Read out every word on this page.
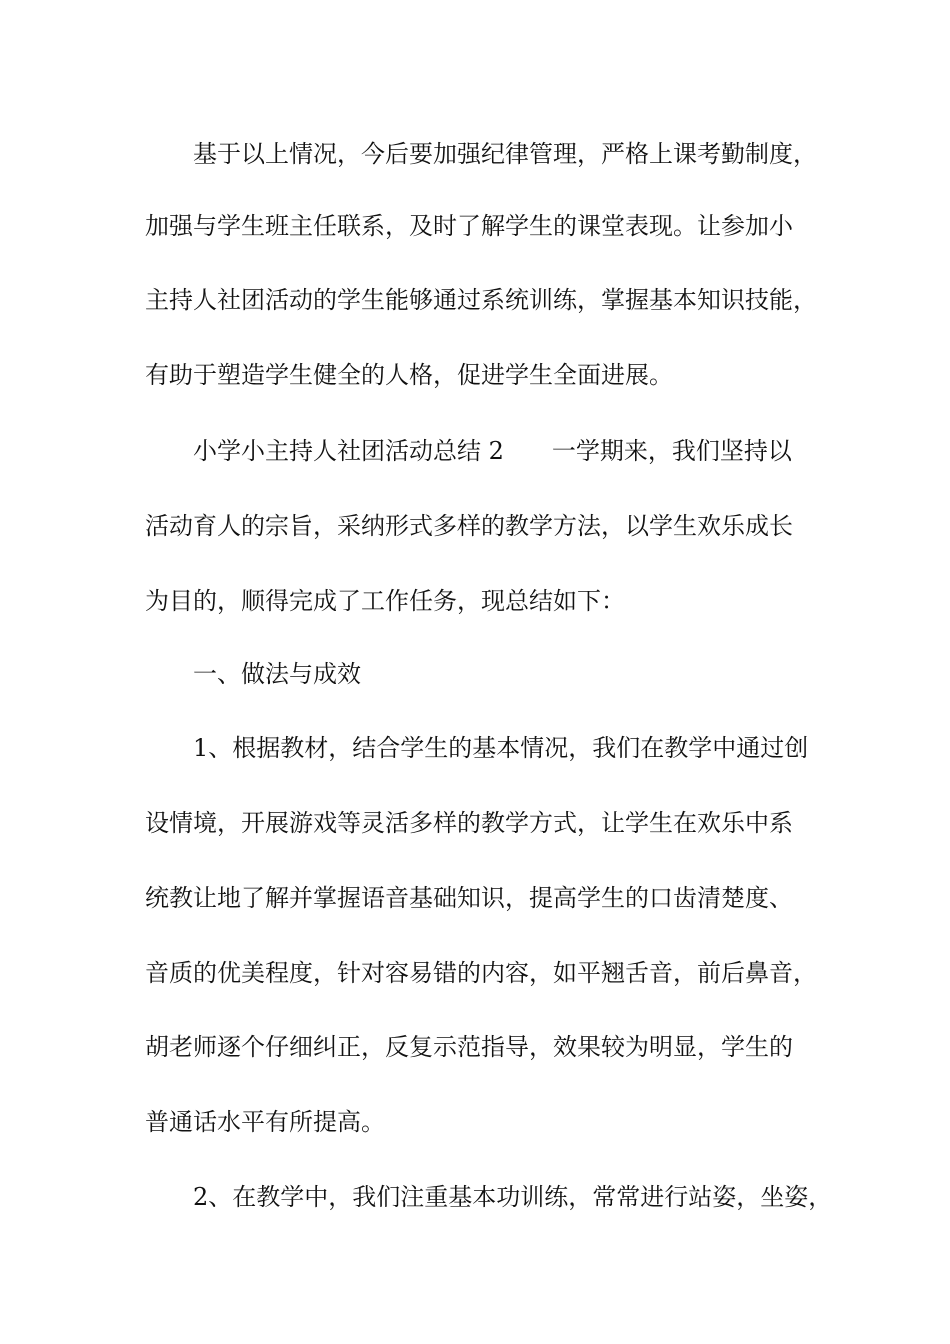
基于以上情况，今后要加强纪律管理，严格上课考勤制度，
加强与学生班主任联系，及时了解学生的课堂表现。让参加小
主持人社团活动的学生能够通过系统训练，掌握基本知识技能，
有助于塑造学生健全的人格，促进学生全面进展。
小学小主持人社团活动总结 2　　一学期来，我们坚持以
活动育人的宗旨，采纳形式多样的教学方法，以学生欢乐成长
为目的，顺得完成了工作任务，现总结如下：
一、做法与成效
1、根据教材，结合学生的基本情况，我们在教学中通过创
设情境，开展游戏等灵活多样的教学方式，让学生在欢乐中系
统教让地了解并掌握语音基础知识，提高学生的口齿清楚度、
音质的优美程度，针对容易错的内容，如平翘舌音，前后鼻音，
胡老师逐个仔细纠正，反复示范指导，效果较为明显，学生的
普通话水平有所提高。
2、在教学中，我们注重基本功训练，常常进行站姿，坐姿，
